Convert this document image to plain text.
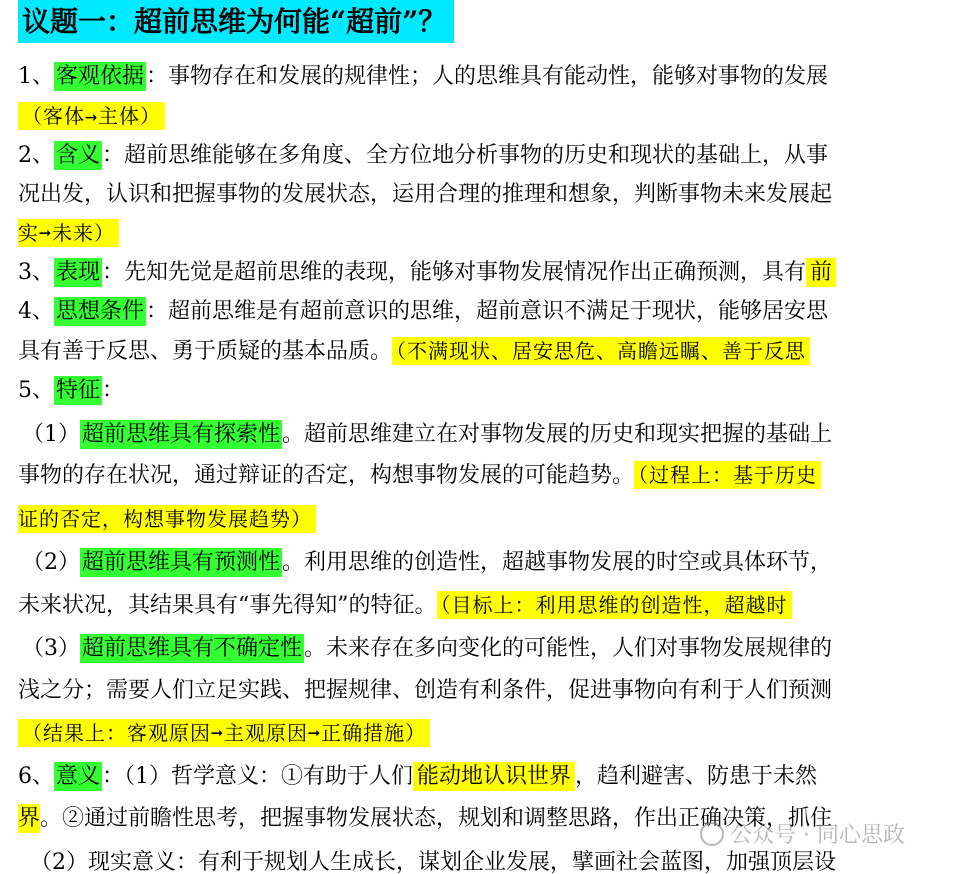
议题一：超前思维为何能“超前”？
1、客观依据：事物存在和发展的规律性；人的思维具有能动性，能够对事物的发展
（客体→主体）
2、含义：超前思维能够在多角度、全方位地分析事物的历史和现状的基础上，从事
况出发，认识和把握事物的发展状态，运用合理的推理和想象，判断事物未来发展起
实➞未来）
3、表现：先知先觉是超前思维的表现，能够对事物发展情况作出正确预测，具有 前
4、思想条件：超前思维是有超前意识的思维，超前意识不满足于现状，能够居安思
具有善于反思、勇于质疑的基本品质。 （不满现状、居安思危、高瞻远瞩、善于反思
5、特征：
（1）超前思维具有探索性。超前思维建立在对事物发展的历史和现实把握的基础上
事物的存在状况，通过辩证的否定，构想事物发展的可能趋势。 （过程上：基于历史
证的否定，构想事物发展趋势）
（2）超前思维具有预测性。利用思维的创造性，超越事物发展的时空或具体环节，
未来状况，其结果具有“事先得知”的特征。 （目标上：利用思维的创造性，超越时
（3）超前思维具有不确定性。未来存在多向变化的可能性，人们对事物发展规律的
浅之分；需要人们立足实践、把握规律、创造有利条件，促进事物向有利于人们预测
（结果上：客观原因➞主观原因➞正确措施）
6、意义：（1）哲学意义：①有助于人们 能动地认识世界 ，趋利避害、防患于未然
界。②通过前瞻性思考，把握事物发展状态，规划和调整思路，作出正确决策，抓住
（2）现实意义：有利于规划人生成长，谋划企业发展，擘画社会蓝图，加强顶层设
公众号 · 同心思政
